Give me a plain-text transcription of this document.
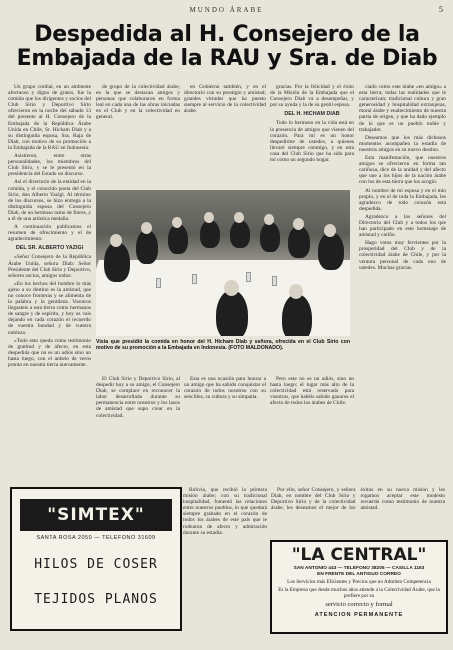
MUNDO ÁRABE	5
Despedida al H. Consejero de la
Embajada de la RAU y Sra. de Diab

Un grupo cordial, en un ambiente afectuoso y digno de gratos, fue la comida que los dirigentes y socios del Club Sirio y Deportivo Sirio ofrecieron en la noche del sábado 13 del presente al H. Consejero de la Embajada de la República Árabe Unida en Chile, Sr. Hicham Diab y a su distinguida esposa, Sra. Raja de Diab, con motivo de su promoción a la Embajada de la RAU en Indonesia.

Asistieron, entre otras personalidades, los miembros del Club Sirio, y se le presentó en la presidencia del Estado un discurso.

Así el directorio de la entidad en la comida, y el conocido poeta del Club Sirio, don Alberto Yazigi. Al término de los discursos, se hizo entrega a la distinguida esposa del Consejero Diab, de un hermoso ramo de flores, y a él de una artística medalla.

A continuación publicamos el resumen de ofrecimiento y el de agradecimiento:

DEL SR. ALBERTO YAZIGI

«Señor Consejero de la República Árabe Unida, señora Diab: Señor Presidente del Club Sirio y Deportivo, señores socios, amigos todos:

»En los hechos del hombre lo más ajeno a su destino es la amistad, que no conoce fronteras y se alimenta de la palabra y la gentileza. Vosotros llegasteis a esta tierra como hermanos de sangre y de espíritu, y hoy os vais dejando en cada corazón el recuerdo de vuestra bondad y de vuestra nobleza.

»Todo esto queda como testimonio de gratitud y de afecto, en esta despedida que no es un adiós sino un hasta luego, con el anhelo de veros pronto en nuestra tierra nuevamente.

de grupo de la colectividad árabe, en la que se destacan amigos y personas que colaboraron en forma leal en cada una de las obras iniciadas en el Club y en la colectividad en general.

en Gobierno también, y en el directorio con su prestigio y amistad; grandes virtudes que ha puesto siempre al servicio de la colectividad árabe.

gracias. Por la felicidad y el éxito de la Misión de la Embajada que el Consejero Diab va a desempeñar, y por su ayuda y la de su gentil esposa.

DEL H. HICHAM DIAB

Todo lo hermoso en la vida está en la presencia de amigos que vienen del corazón. Para mí es un honor despedirme de ustedes, a quienes llevaré siempre conmigo, y en esta casa del Club Sirio que ha sido para mí como un segundo hogar.

ciado como este árabe «en amigo» a esta tierra; todas las realidades que le caracterizan; tradicional cultura y gran generosidad y hospitalidad extranjeras, moral árabe y enaltecimiento de nuestra patria de origen, y que ha dado ejemplo de lo que es un pueblo noble y trabajador.

Deseamos que los más dichosos momentos acompañen la estadía de nuestros amigos en su nuevo destino.

Esta manifestación, que nuestros amigos se ofrecieron en forma tan cariñosa, dice de la unidad y del afecto que une a los hijos de la nación árabe con los de esta tierra que los acogió.

Al nombre de mi esposa y en el mío propio, y en el de toda la Embajada, les agradezco de todo corazón esta despedida.

Agradezco a los señores del Directorio del Club y a todos los que han participado en este homenaje de amistad y cariño.

Hago votos muy fervientes por la prosperidad del Club y de la colectividad árabe de Chile, y por la ventura personal de cada uno de ustedes. Muchas gracias.

El Club Sirio y Deportivo Sirio, al despedir hoy a su amigo, el Consejero Diab, se complace en reconocer la labor desarrollada durante su permanencia entre nosotros y los lazos de amistad que supo crear en la colectividad.

Esta es una ocasión para honrar a un amigo que ha sabido conquistar el corazón de todos nosotros con su sencillez, su cultura y su simpatía.

Pero este no es un adiós, sino un hasta luego; el lugar más alto de la colectividad está reservado para vosotros, que habéis sabido ganaros el afecto de todos los árabes de Chile.

Vista que presidió la comida en honor del H. Hicham Diab y señora, ofrecida en el Club Sirio con motivo de su promoción a la Embajada en Indonesia. (FOTO MALDONADO).
"SIMTEX"
SANTA ROSA 2050 — TELEFONO 31609
HILOS DE COSER
TEJIDOS PLANOS

Bolivia, que recibió la primera misión árabe; con su tradicional hospitalidad, fomentó las relaciones entre nuestros pueblos, lo que quedará siempre grabado en el corazón de todos los árabes de este país que le rodearon de afecto y admiración durante su estadía.

Por ello, señor Consejero, y señora Diab, en nombre del Club Sirio y Deportivo Sirio y de la colectividad árabe, les deseamos el mejor de los éxitos en su nueva misión y les rogamos aceptar este modesto recuerdo como testimonio de nuestra amistad.

"LA CENTRAL"
SAN ANTONIO 443 — TELEFONO 38205 — CASILLA 1163
EN FRENTE DEL ANTIGUO CORREO
Los Servicios más Eficientes y Precios que no Admiten Competencia
Es la Empresa que desde muchos años atiende a la Colectividad Árabe, que la prefiere por su
servicio correcto y formal
ATENCION PERMANENTE
